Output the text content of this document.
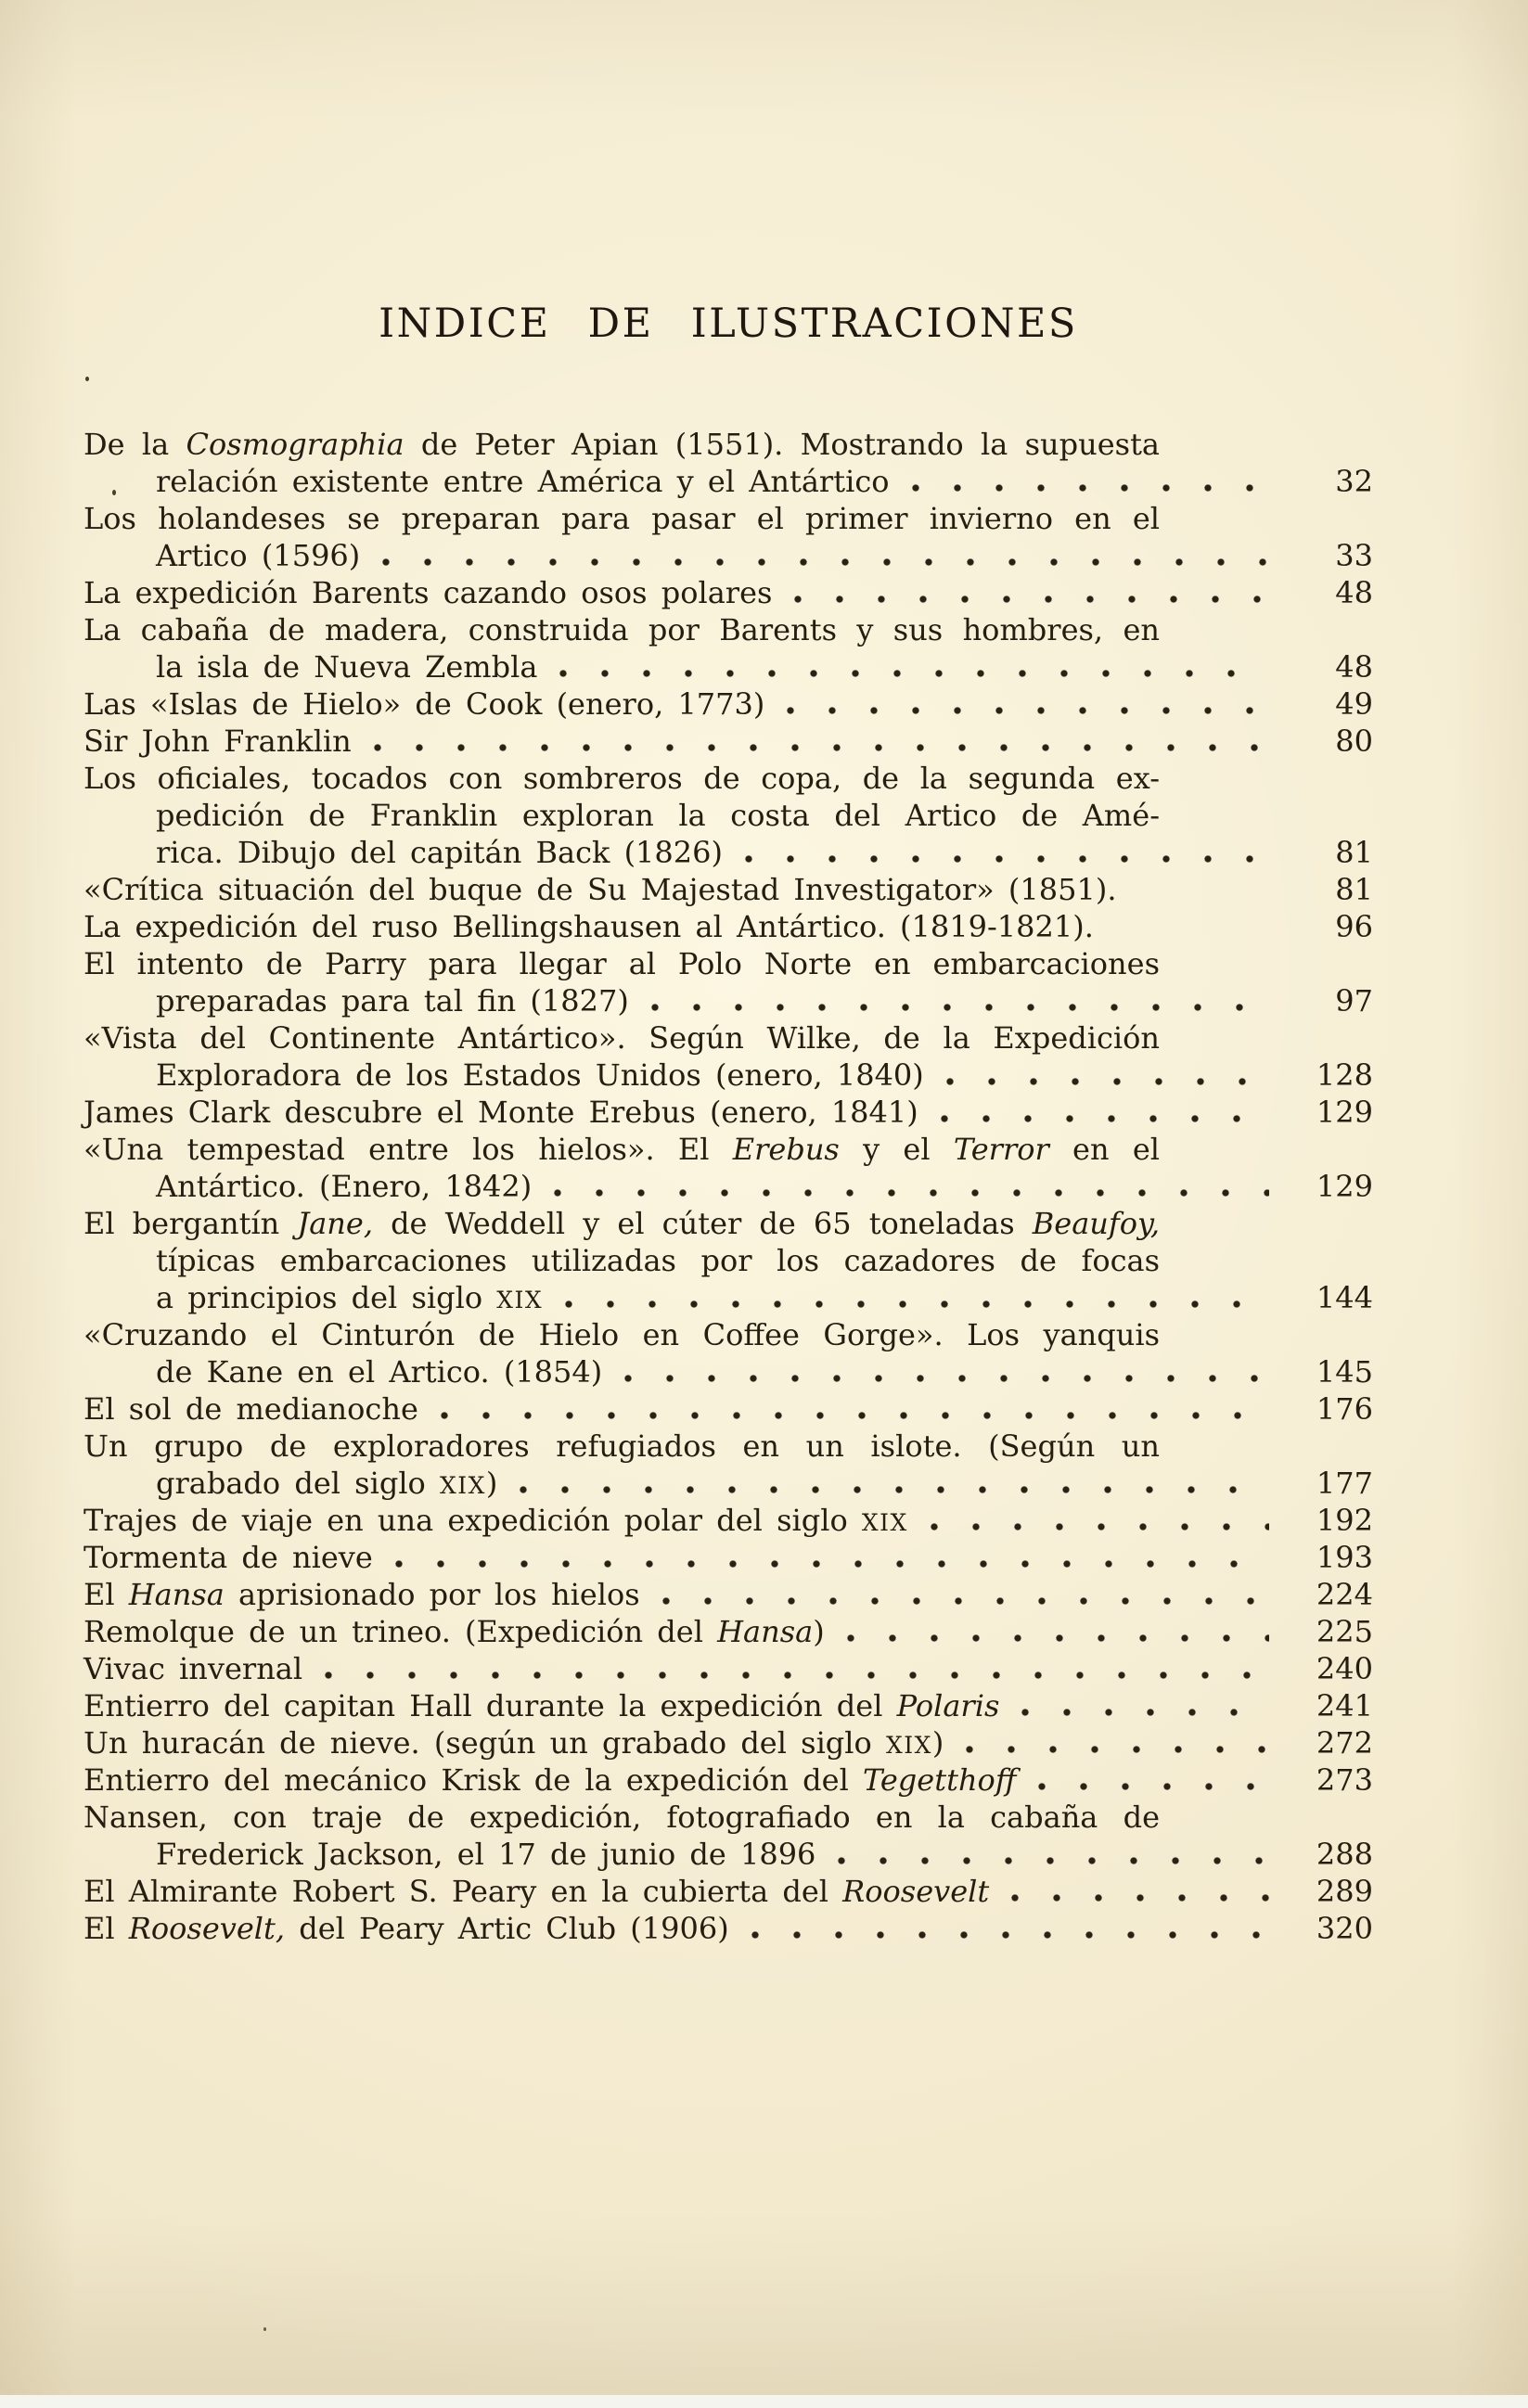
INDICE DE ILUSTRACIONES
De la Cosmographia de Peter Apian (1551). Mostrando la supuesta
relación existente entre América y el Antártico	32
Los holandeses se preparan para pasar el primer invierno en el
Artico (1596)	33
La expedición Barents cazando osos polares	48
La cabaña de madera, construida por Barents y sus hombres, en
la isla de Nueva Zembla	48
Las «Islas de Hielo» de Cook (enero, 1773)	49
Sir John Franklin	80
Los oficiales, tocados con sombreros de copa, de la segunda ex-
pedición de Franklin exploran la costa del Artico de Amé-
rica. Dibujo del capitán Back (1826)	81
«Crítica situación del buque de Su Majestad Investigator» (1851).	81
La expedición del ruso Bellingshausen al Antártico. (1819-1821).	96
El intento de Parry para llegar al Polo Norte en embarcaciones
preparadas para tal fin (1827)	97
«Vista del Continente Antártico». Según Wilke, de la Expedición
Exploradora de los Estados Unidos (enero, 1840)	128
James Clark descubre el Monte Erebus (enero, 1841)	129
«Una tempestad entre los hielos». El Erebus y el Terror en el
Antártico. (Enero, 1842)	129
El bergantín Jane, de Weddell y el cúter de 65 toneladas Beaufoy,
típicas embarcaciones utilizadas por los cazadores de focas
a principios del siglo XIX	144
«Cruzando el Cinturón de Hielo en Coffee Gorge». Los yanquis
de Kane en el Artico. (1854)	145
El sol de medianoche	176
Un grupo de exploradores refugiados en un islote. (Según un
grabado del siglo XIX)	177
Trajes de viaje en una expedición polar del siglo XIX	192
Tormenta de nieve	193
El Hansa aprisionado por los hielos	224
Remolque de un trineo. (Expedición del Hansa)	225
Vivac invernal	240
Entierro del capitan Hall durante la expedición del Polaris	241
Un huracán de nieve. (según un grabado del siglo XIX)	272
Entierro del mecánico Krisk de la expedición del Tegetthoff	273
Nansen, con traje de expedición, fotografiado en la cabaña de
Frederick Jackson, el 17 de junio de 1896	288
El Almirante Robert S. Peary en la cubierta del Roosevelt	289
El Roosevelt, del Peary Artic Club (1906)	320
